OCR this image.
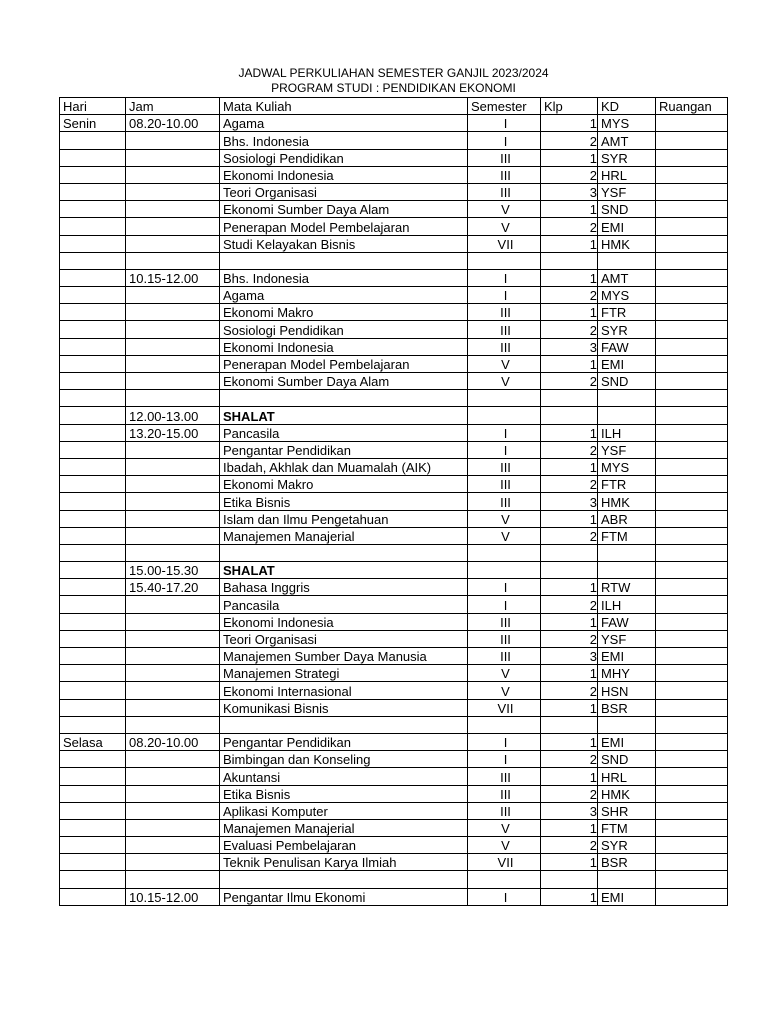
JADWAL PERKULIAHAN SEMESTER GANJIL 2023/2024
PROGRAM STUDI : PENDIDIKAN EKONOMI
Hari	Jam	Mata Kuliah	Semester	Klp	KD	Ruangan
Senin	08.20-10.00	Agama	I	1	MYS	
		Bhs. Indonesia	I	2	AMT	
		Sosiologi Pendidikan	III	1	SYR	
		Ekonomi Indonesia	III	2	HRL	
		Teori Organisasi	III	3	YSF	
		Ekonomi Sumber Daya Alam	V	1	SND	
		Penerapan Model Pembelajaran	V	2	EMI	
		Studi Kelayakan Bisnis	VII	1	HMK	

	10.15-12.00	Bhs. Indonesia	I	1	AMT	
		Agama	I	2	MYS	
		Ekonomi Makro	III	1	FTR	
		Sosiologi Pendidikan	III	2	SYR	
		Ekonomi Indonesia	III	3	FAW	
		Penerapan Model Pembelajaran	V	1	EMI	
		Ekonomi Sumber Daya Alam	V	2	SND	

	12.00-13.00	SHALAT				
	13.20-15.00	Pancasila	I	1	ILH	
		Pengantar Pendidikan	I	2	YSF	
		Ibadah, Akhlak dan Muamalah (AIK)	III	1	MYS	
		Ekonomi Makro	III	2	FTR	
		Etika Bisnis	III	3	HMK	
		Islam dan Ilmu Pengetahuan	V	1	ABR	
		Manajemen Manajerial	V	2	FTM	

	15.00-15.30	SHALAT				
	15.40-17.20	Bahasa Inggris	I	1	RTW	
		Pancasila	I	2	ILH	
		Ekonomi Indonesia	III	1	FAW	
		Teori Organisasi	III	2	YSF	
		Manajemen Sumber Daya Manusia	III	3	EMI	
		Manajemen Strategi	V	1	MHY	
		Ekonomi Internasional	V	2	HSN	
		Komunikasi Bisnis	VII	1	BSR	

Selasa	08.20-10.00	Pengantar Pendidikan	I	1	EMI	
		Bimbingan dan Konseling	I	2	SND	
		Akuntansi	III	1	HRL	
		Etika Bisnis	III	2	HMK	
		Aplikasi Komputer	III	3	SHR	
		Manajemen Manajerial	V	1	FTM	
		Evaluasi Pembelajaran	V	2	SYR	
		Teknik Penulisan Karya Ilmiah	VII	1	BSR	

	10.15-12.00	Pengantar Ilmu Ekonomi	I	1	EMI	
